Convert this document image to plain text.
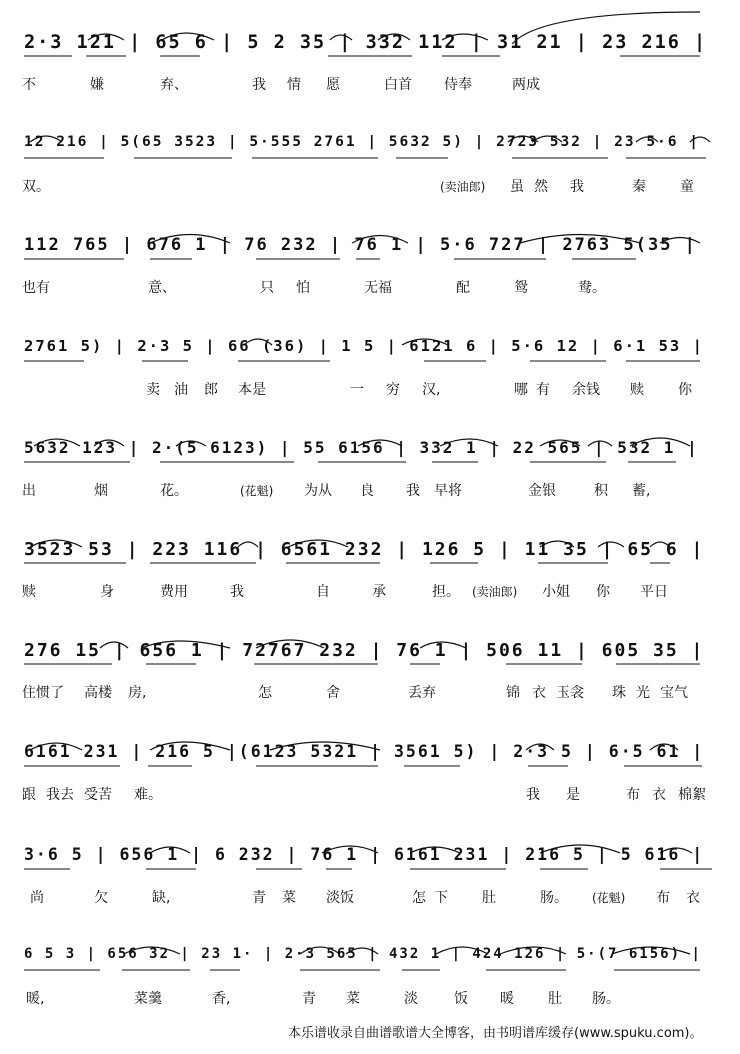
2·3 121 | 65 6 | 5 2 35 | 332 112 | 31 21 | 23 216 |
不	嫌	弃、	我 情 愿	白首 侍奉	两成
12 216 | 5(65 3523 | 5·555 2761 | 5632 5) | 2723 532 | 23 5·6 |
双。	(卖油郎) 虽 然 我	秦 童
112 765 | 676 1 | 76 232 | 76 1 | 5·6 727 | 2763 5(35 |
也有	意、	只 怕	无福	配	鸳	鸯。
2761 5) | 2·3 5 | 66 (36) | 1 5 | 6121 6 | 5·6 12 | 6·1 53 |
卖 油 郎 本是	一 穷 汉,	哪 有 余钱 赎 你
5632 123 | 2·(5 6123) | 55 6156 | 332 1 | 22 565 | 532 1 |
出	烟	花。	(花魁) 为从 良 我 早将	金银	积 蓄,
3523 53 | 223 116 | 6561 232 | 126 5 | 11 35 | 65 6 |
赎	身	费用	我	自	承	担。 (卖油郎) 小姐 你 平日
276 15 | 656 1 | 72767 232 | 76 1 | 506 11 | 605 35 |
住惯了 高楼 房,	怎	舍	丢弃	锦 衣 玉衾 珠 光 宝气
6161 231 | 216 5 |(6123 5321 | 3561 5) | 2·3 5 | 6·5 61 |
跟 我去 受苦 难。	我 是	布 衣 棉絮
3·6 5 | 656 1 | 6 232 | 76 1 | 6161 231 | 216 5 | 5 616 |
尚	欠	缺,	青 菜 淡饭	怎 下 肚	肠。 (花魁) 布 衣
6 5 3 | 656 32 | 23 1· | 2·3 565 | 432 1 | 424 126 | 5·(7 6156) |
暖,	菜羹	香,	青 菜	淡	饭 暖 肚 肠。
本乐谱收录自曲谱歌谱大全博客，由书明谱库缓存(www.spuku.com)。
